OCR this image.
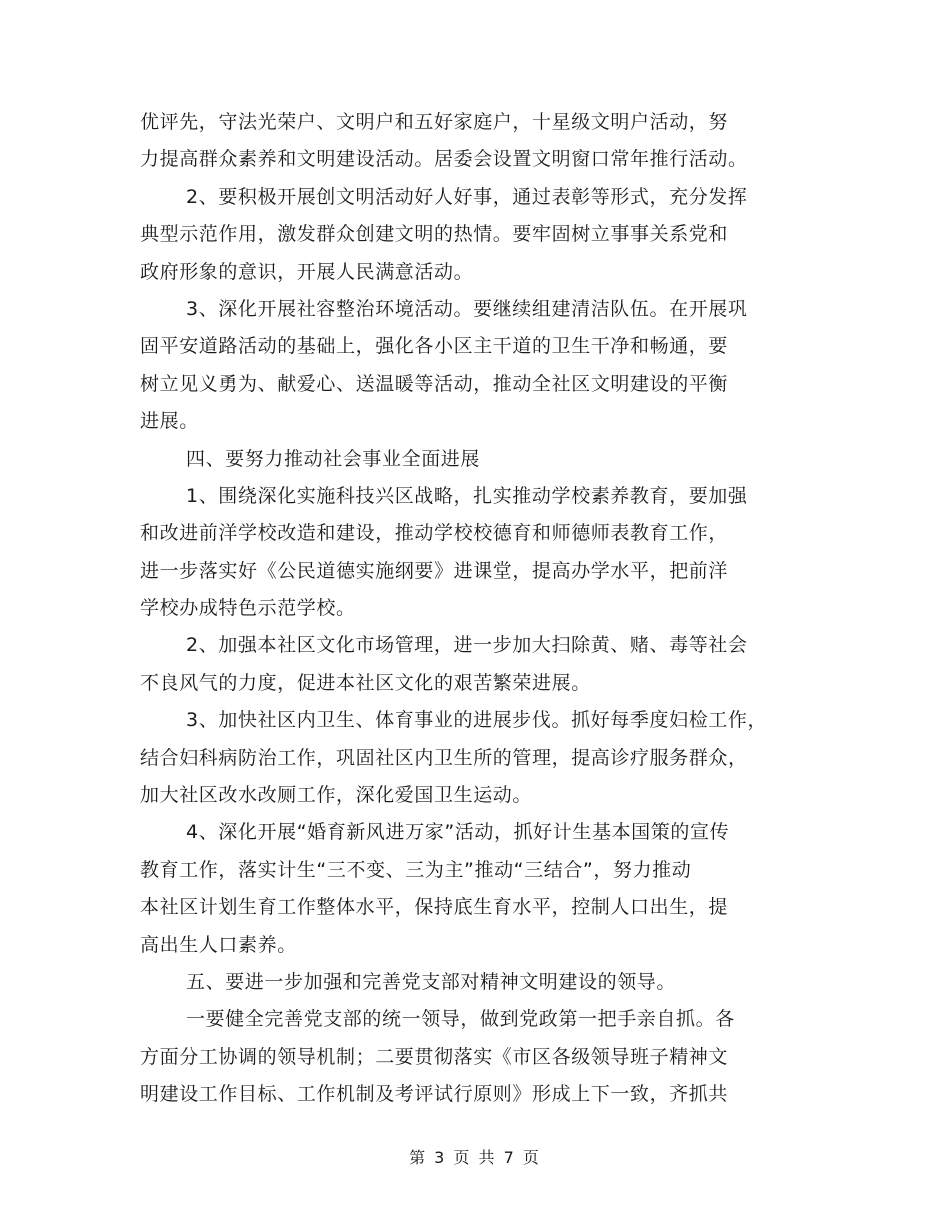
优评先，守法光荣户、文明户和五好家庭户，十星级文明户活动，努
力提高群众素养和文明建设活动。居委会设置文明窗口常年推行活动。
2、要积极开展创文明活动好人好事，通过表彰等形式，充分发挥
典型示范作用，激发群众创建文明的热情。要牢固树立事事关系党和
政府形象的意识，开展人民满意活动。
3、深化开展社容整治环境活动。要继续组建清洁队伍。在开展巩
固平安道路活动的基础上，强化各小区主干道的卫生干净和畅通，要
树立见义勇为、献爱心、送温暖等活动，推动全社区文明建设的平衡
进展。
四、要努力推动社会事业全面进展
1、围绕深化实施科技兴区战略，扎实推动学校素养教育，要加强
和改进前洋学校改造和建设，推动学校校德育和师德师表教育工作，
进一步落实好《公民道德实施纲要》进课堂，提高办学水平，把前洋
学校办成特色示范学校。
2、加强本社区文化市场管理，进一步加大扫除黄、赌、毒等社会
不良风气的力度，促进本社区文化的艰苦繁荣进展。
3、加快社区内卫生、体育事业的进展步伐。抓好每季度妇检工作，
结合妇科病防治工作，巩固社区内卫生所的管理，提高诊疗服务群众，
加大社区改水改厕工作，深化爱国卫生运动。
4、深化开展“婚育新风进万家”活动，抓好计生基本国策的宣传
教育工作，落实计生“三不变、三为主”推动“三结合”，努力推动
本社区计划生育工作整体水平，保持底生育水平，控制人口出生，提
高出生人口素养。
五、要进一步加强和完善党支部对精神文明建设的领导。
一要健全完善党支部的统一领导，做到党政第一把手亲自抓。各
方面分工协调的领导机制；二要贯彻落实《市区各级领导班子精神文
明建设工作目标、工作机制及考评试行原则》形成上下一致，齐抓共
第 3 页 共 7 页
